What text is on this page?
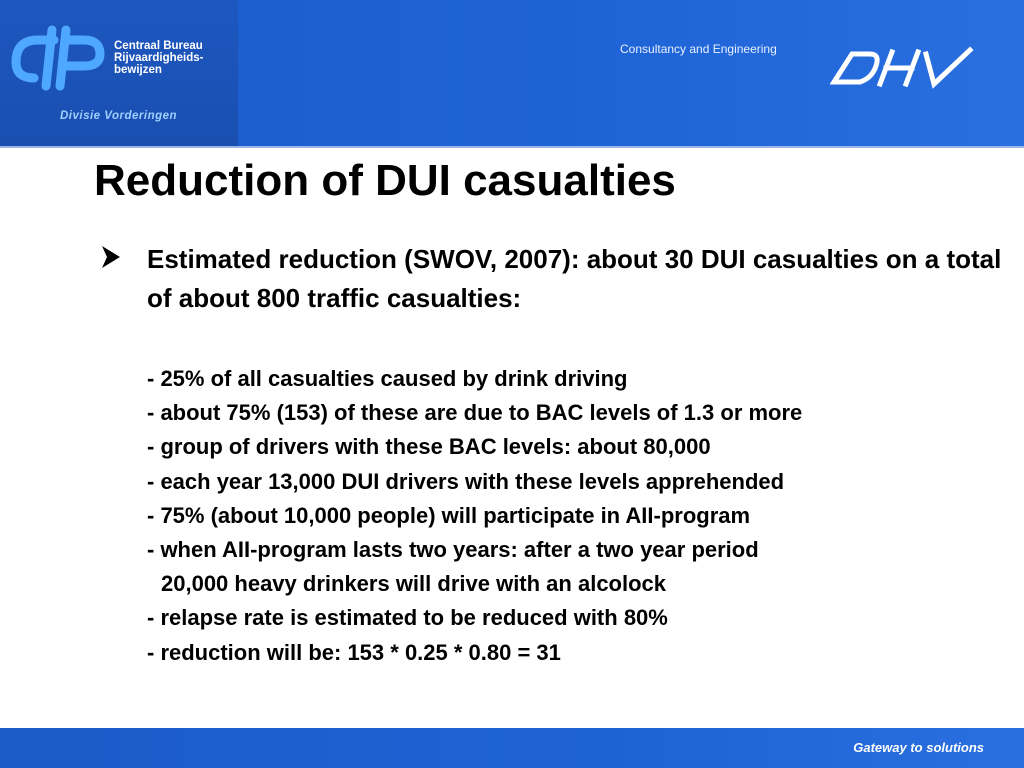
Centraal Bureau
Rijvaardigheids-
bewijzen
Divisie Vorderingen
Consultancy and Engineering
Reduction of DUI casualties
Estimated reduction (SWOV, 2007): about 30 DUI casualties on a total of about 800 traffic casualties:
- 25% of all casualties caused by drink driving
- about 75% (153) of these are due to BAC levels of 1.3 or more
- group of drivers with these BAC levels: about 80,000
- each year 13,000 DUI drivers with these levels apprehended
- 75% (about 10,000 people) will participate in AII-program
- when AII-program lasts two years: after a two year period
20,000 heavy drinkers will drive with an alcolock
- relapse rate is estimated to be reduced with 80%
- reduction will be: 153 * 0.25 * 0.80 = 31
Gateway to solutions
